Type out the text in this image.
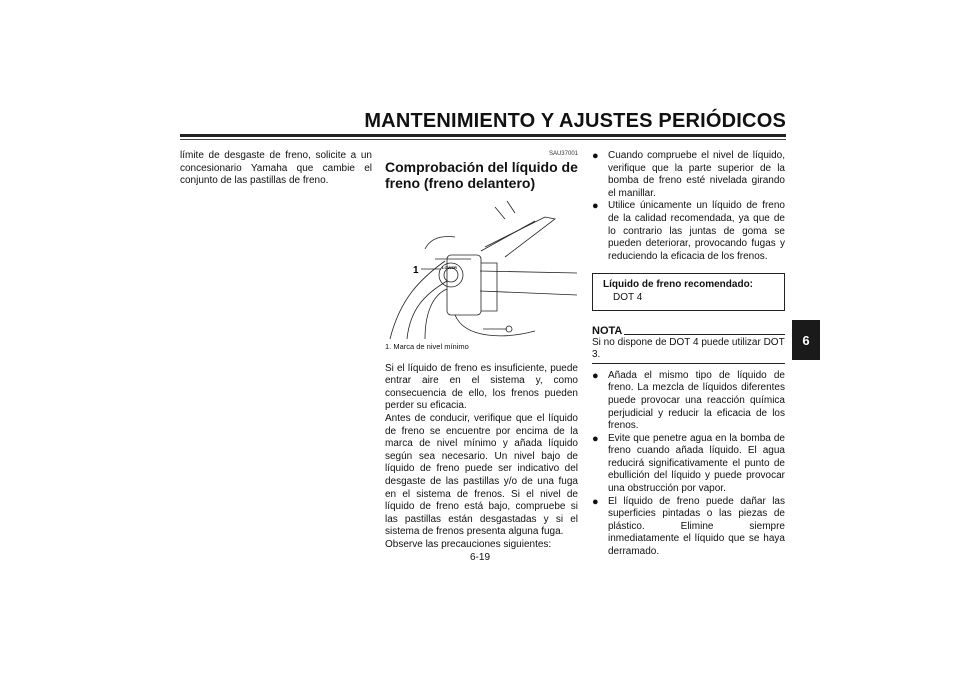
MANTENIMIENTO Y AJUSTES PERIÓDICOS
6

límite de desgaste de freno, solicite a un concesionario Yamaha que cambie el conjunto de las pastillas de freno.

SAU37001
Comprobación del líquido de freno (freno delantero)
1	LOWER
1. Marca de nivel mínimo

Si el líquido de freno es insuficiente, puede entrar aire en el sistema y, como consecuencia de ello, los frenos pueden perder su eficacia.

Antes de conducir, verifique que el líquido de freno se encuentre por encima de la marca de nivel mínimo y añada líquido según sea necesario. Un nivel bajo de líquido de freno puede ser indicativo del desgaste de las pastillas y/o de una fuga en el sistema de frenos. Si el nivel de líquido de freno está bajo, compruebe si las pastillas están desgastadas y si el sistema de frenos presenta alguna fuga.

Observe las precauciones siguientes:

● Cuando compruebe el nivel de líquido, verifique que la parte superior de la bomba de freno esté nivelada girando el manillar.
● Utilice únicamente un líquido de freno de la calidad recomendada, ya que de lo contrario las juntas de goma se pueden deteriorar, provocando fugas y reduciendo la eficacia de los frenos.
Líquido de freno recomendado:
DOT 4
NOTA

Si no dispone de DOT 4 puede utilizar DOT 3.

● Añada el mismo tipo de líquido de freno. La mezcla de líquidos diferentes puede provocar una reacción química perjudicial y reducir la eficacia de los frenos.
● Evite que penetre agua en la bomba de freno cuando añada líquido. El agua reducirá significativamente el punto de ebullición del líquido y puede provocar una obstrucción por vapor.
● El líquido de freno puede dañar las superficies pintadas o las piezas de plástico. Elimine siempre inmediatamente el líquido que se haya derramado.
6-19
